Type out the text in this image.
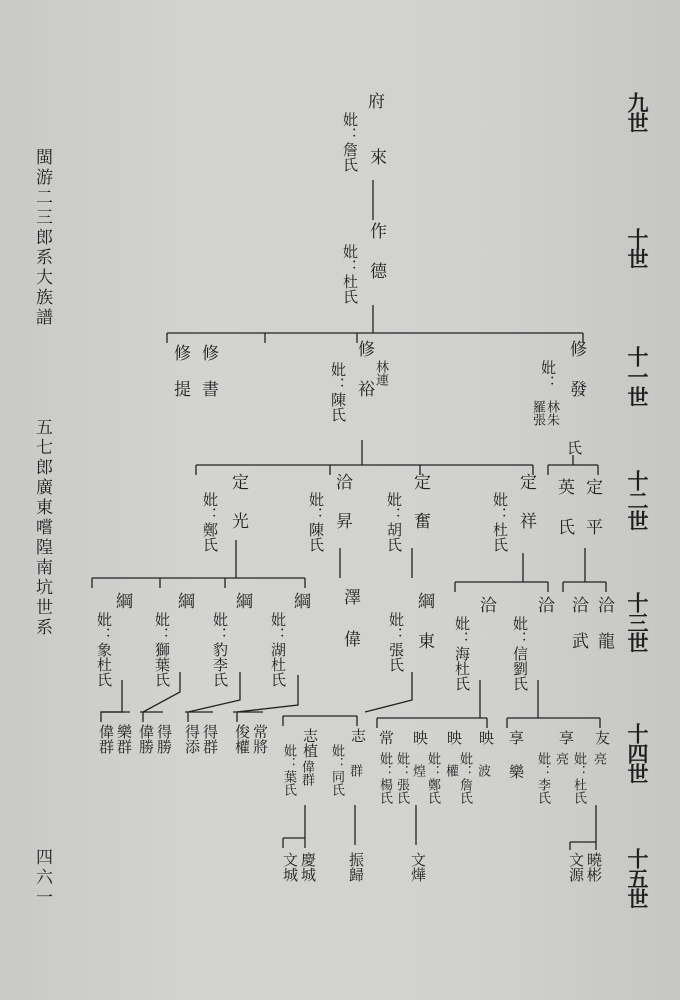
九世
十世
十一世
十二世
十三世
十四世
十五世
閩游二三郎系大族譜
五七郎廣東嚐隍南坑世系
四六一
府
來
妣：詹氏
作
德
妣：杜氏
修
提
修
書
修
裕
林連
妣：陳氏
修
發
妣：
林朱
羅張
氏
定
光
妣：鄭氏
洽
昇
妣：陳氏
定
奮
妣：胡氏
定
祥
妣：杜氏
英
氏
定
平
綱
妣：象杜氏
綱
妣：獅葉氏
綱
妣：豹李氏
綱
妣：湖杜氏
澤
偉
綱
東
妣：張氏
洽
妣：海杜氏
洽
妣：信劉氏
洽
武
洽
龍
偉群 樂群 偉勝 得勝 得添 得群 俊權 常將 志植
妣：葉氏 偉群
志
妣：同氏 群
常
妣：楊氏
映
妣：張氏 煌
映
妣：鄭氏 權
映
妣：詹氏 波
享
樂
享
妣：李氏 亮
友
妣：杜氏 亮
文城 慶城 振歸	文燁	文源 曉彬
